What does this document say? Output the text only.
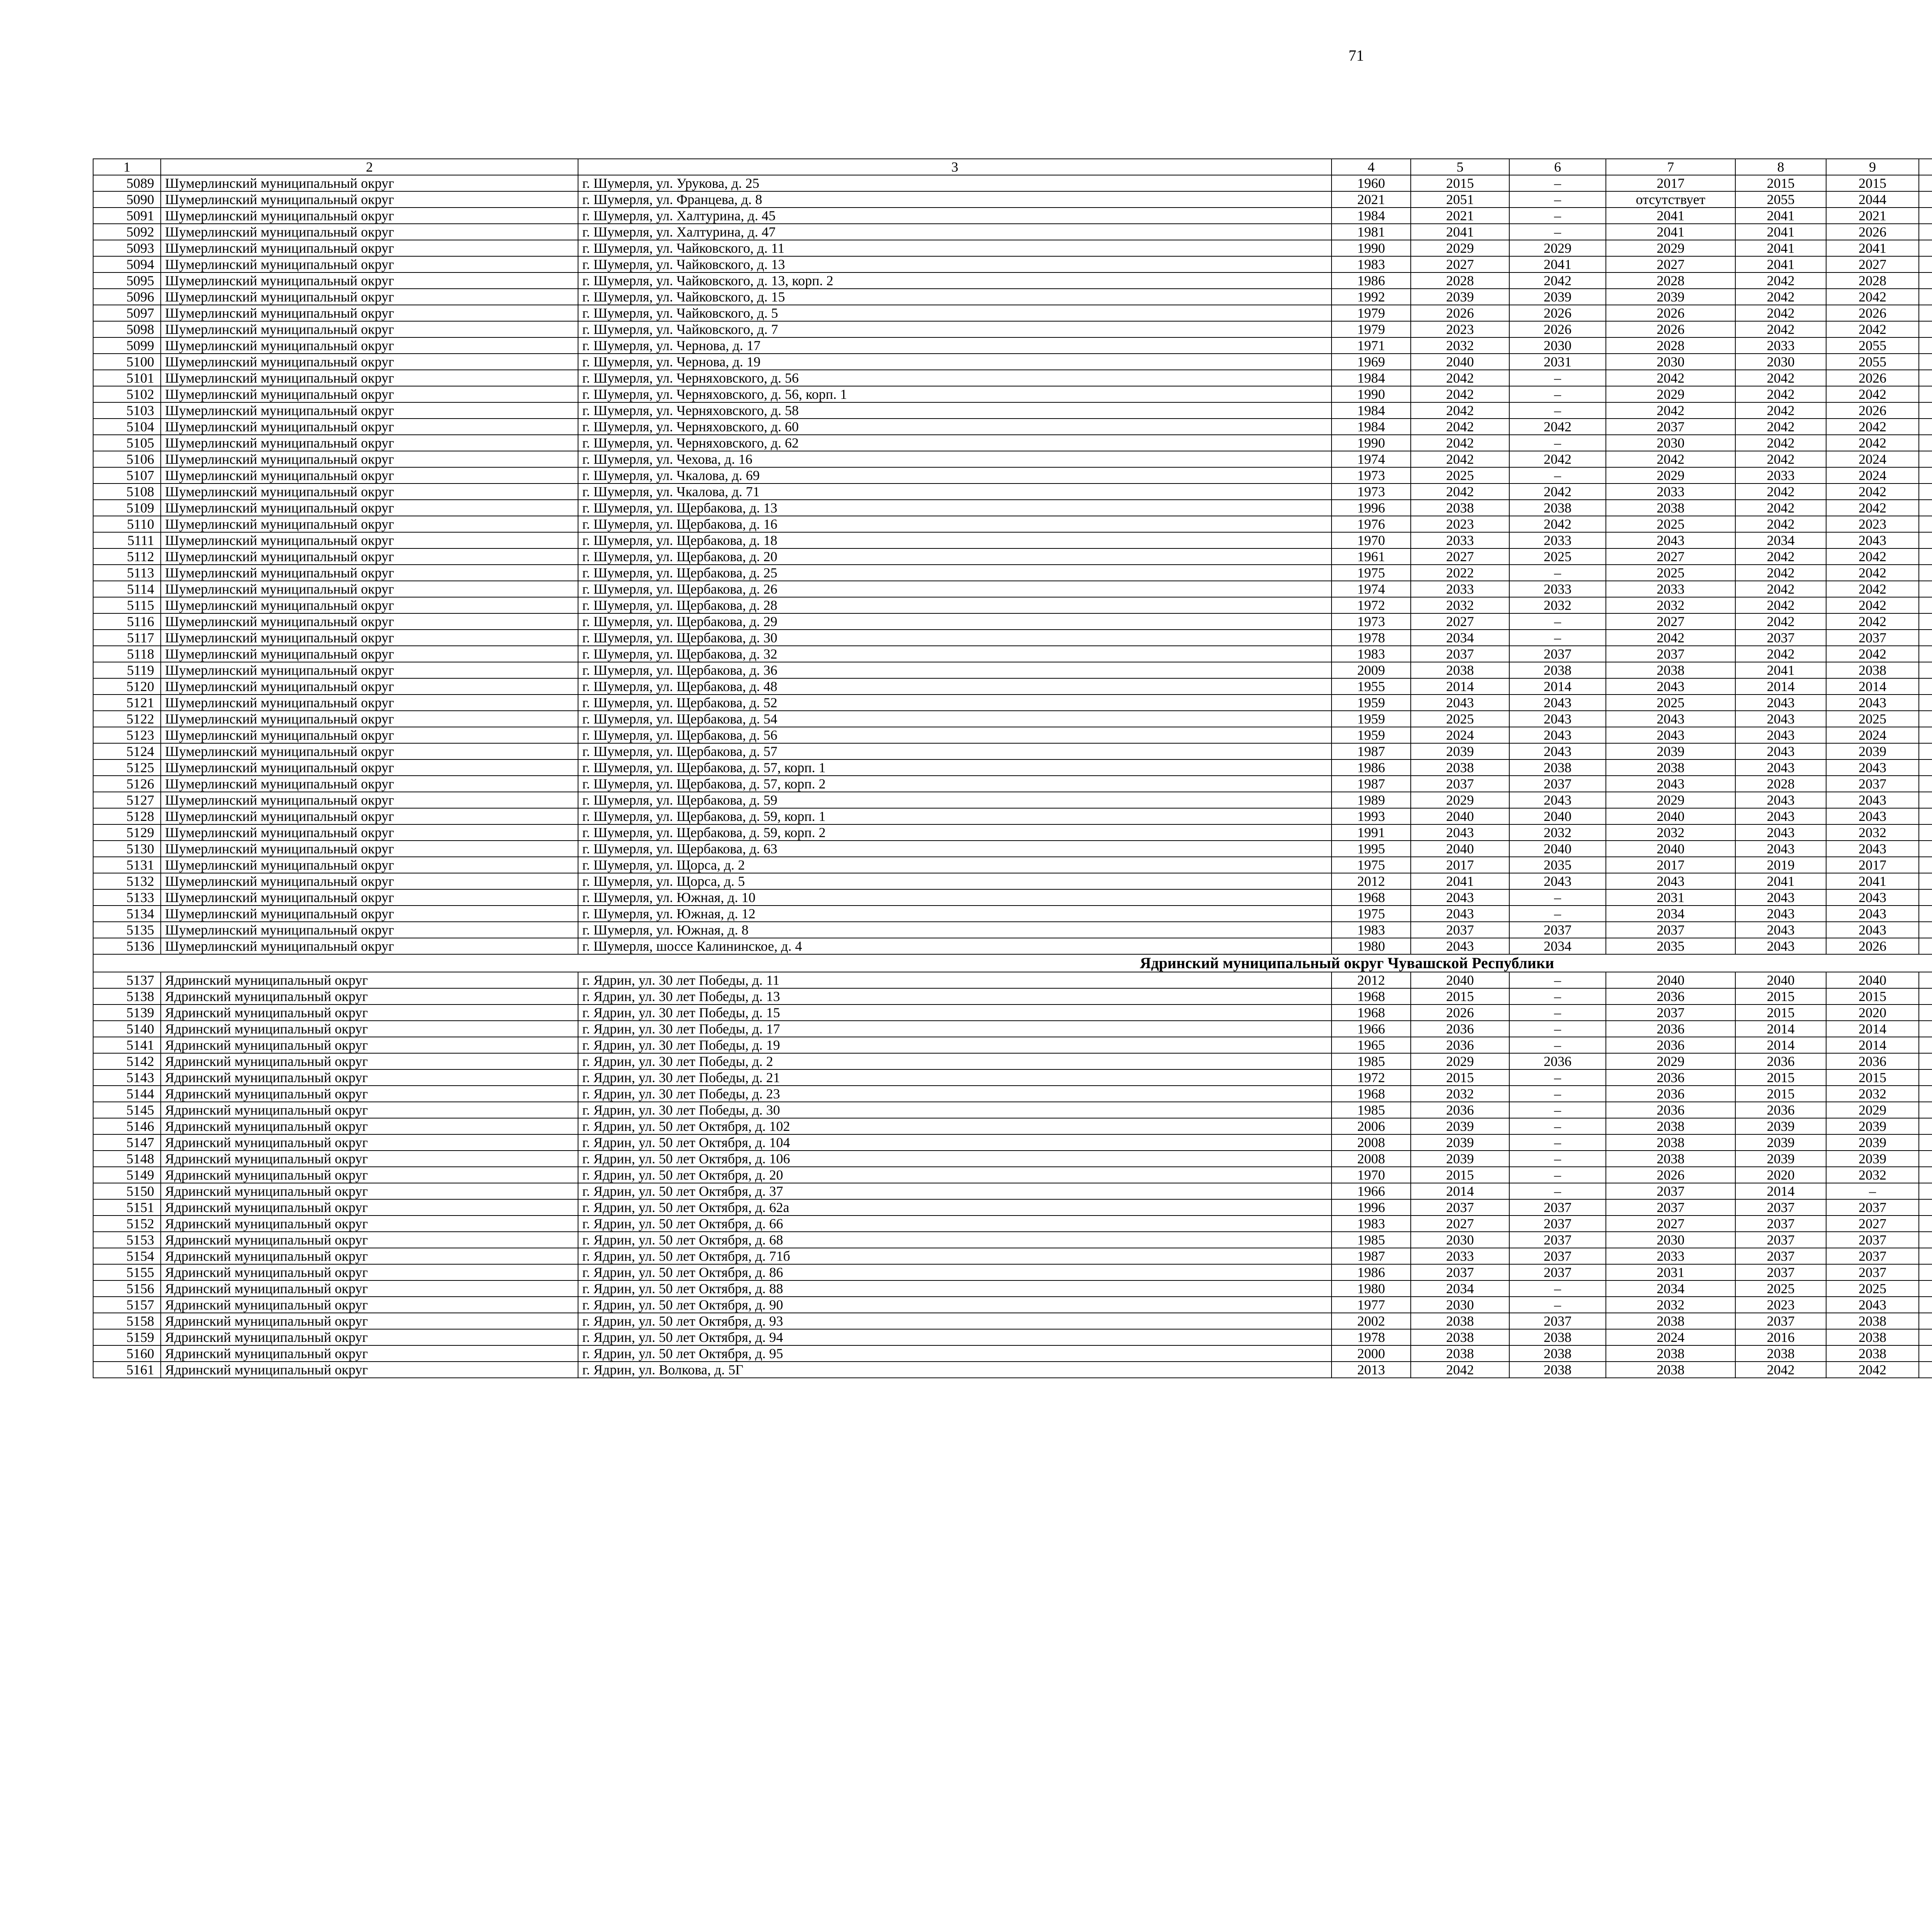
71
1	2	3	4	5	6	7	8	9								
5089	Шумерлинский муниципальный округ	г. Шумерля, ул. Урукова, д. 25	1960	2015	–	2017	2015	2015								
5090	Шумерлинский муниципальный округ	г. Шумерля, ул. Францева, д. 8	2021	2051	–	отсутствует	2055	2044								
5091	Шумерлинский муниципальный округ	г. Шумерля, ул. Халтурина, д. 45	1984	2021	–	2041	2041	2021								
5092	Шумерлинский муниципальный округ	г. Шумерля, ул. Халтурина, д. 47	1981	2041	–	2041	2041	2026								
5093	Шумерлинский муниципальный округ	г. Шумерля, ул. Чайковского, д. 11	1990	2029	2029	2029	2041	2041								
5094	Шумерлинский муниципальный округ	г. Шумерля, ул. Чайковского, д. 13	1983	2027	2041	2027	2041	2027								
5095	Шумерлинский муниципальный округ	г. Шумерля, ул. Чайковского, д. 13, корп. 2	1986	2028	2042	2028	2042	2028								
5096	Шумерлинский муниципальный округ	г. Шумерля, ул. Чайковского, д. 15	1992	2039	2039	2039	2042	2042								
5097	Шумерлинский муниципальный округ	г. Шумерля, ул. Чайковского, д. 5	1979	2026	2026	2026	2042	2026								
5098	Шумерлинский муниципальный округ	г. Шумерля, ул. Чайковского, д. 7	1979	2023	2026	2026	2042	2042								
5099	Шумерлинский муниципальный округ	г. Шумерля, ул. Чернова, д. 17	1971	2032	2030	2028	2033	2055								
5100	Шумерлинский муниципальный округ	г. Шумерля, ул. Чернова, д. 19	1969	2040	2031	2030	2030	2055								
5101	Шумерлинский муниципальный округ	г. Шумерля, ул. Черняховского, д. 56	1984	2042	–	2042	2042	2026								
5102	Шумерлинский муниципальный округ	г. Шумерля, ул. Черняховского, д. 56, корп. 1	1990	2042	–	2029	2042	2042								
5103	Шумерлинский муниципальный округ	г. Шумерля, ул. Черняховского, д. 58	1984	2042	–	2042	2042	2026								
5104	Шумерлинский муниципальный округ	г. Шумерля, ул. Черняховского, д. 60	1984	2042	2042	2037	2042	2042								
5105	Шумерлинский муниципальный округ	г. Шумерля, ул. Черняховского, д. 62	1990	2042	–	2030	2042	2042								
5106	Шумерлинский муниципальный округ	г. Шумерля, ул. Чехова, д. 16	1974	2042	2042	2042	2042	2024								
5107	Шумерлинский муниципальный округ	г. Шумерля, ул. Чкалова, д. 69	1973	2025	–	2029	2033	2024								
5108	Шумерлинский муниципальный округ	г. Шумерля, ул. Чкалова, д. 71	1973	2042	2042	2033	2042	2042								
5109	Шумерлинский муниципальный округ	г. Шумерля, ул. Щербакова, д. 13	1996	2038	2038	2038	2042	2042								
5110	Шумерлинский муниципальный округ	г. Шумерля, ул. Щербакова, д. 16	1976	2023	2042	2025	2042	2023								
5111	Шумерлинский муниципальный округ	г. Шумерля, ул. Щербакова, д. 18	1970	2033	2033	2043	2034	2043								
5112	Шумерлинский муниципальный округ	г. Шумерля, ул. Щербакова, д. 20	1961	2027	2025	2027	2042	2042								
5113	Шумерлинский муниципальный округ	г. Шумерля, ул. Щербакова, д. 25	1975	2022	–	2025	2042	2042								
5114	Шумерлинский муниципальный округ	г. Шумерля, ул. Щербакова, д. 26	1974	2033	2033	2033	2042	2042								
5115	Шумерлинский муниципальный округ	г. Шумерля, ул. Щербакова, д. 28	1972	2032	2032	2032	2042	2042								
5116	Шумерлинский муниципальный округ	г. Шумерля, ул. Щербакова, д. 29	1973	2027	–	2027	2042	2042								
5117	Шумерлинский муниципальный округ	г. Шумерля, ул. Щербакова, д. 30	1978	2034	–	2042	2037	2037								
5118	Шумерлинский муниципальный округ	г. Шумерля, ул. Щербакова, д. 32	1983	2037	2037	2037	2042	2042								
5119	Шумерлинский муниципальный округ	г. Шумерля, ул. Щербакова, д. 36	2009	2038	2038	2038	2041	2038								
5120	Шумерлинский муниципальный округ	г. Шумерля, ул. Щербакова, д. 48	1955	2014	2014	2043	2014	2014								
5121	Шумерлинский муниципальный округ	г. Шумерля, ул. Щербакова, д. 52	1959	2043	2043	2025	2043	2043								
5122	Шумерлинский муниципальный округ	г. Шумерля, ул. Щербакова, д. 54	1959	2025	2043	2043	2043	2025								
5123	Шумерлинский муниципальный округ	г. Шумерля, ул. Щербакова, д. 56	1959	2024	2043	2043	2043	2024								
5124	Шумерлинский муниципальный округ	г. Шумерля, ул. Щербакова, д. 57	1987	2039	2043	2039	2043	2039								
5125	Шумерлинский муниципальный округ	г. Шумерля, ул. Щербакова, д. 57, корп. 1	1986	2038	2038	2038	2043	2043								
5126	Шумерлинский муниципальный округ	г. Шумерля, ул. Щербакова, д. 57, корп. 2	1987	2037	2037	2043	2028	2037								
5127	Шумерлинский муниципальный округ	г. Шумерля, ул. Щербакова, д. 59	1989	2029	2043	2029	2043	2043								
5128	Шумерлинский муниципальный округ	г. Шумерля, ул. Щербакова, д. 59, корп. 1	1993	2040	2040	2040	2043	2043								
5129	Шумерлинский муниципальный округ	г. Шумерля, ул. Щербакова, д. 59, корп. 2	1991	2043	2032	2032	2043	2032								
5130	Шумерлинский муниципальный округ	г. Шумерля, ул. Щербакова, д. 63	1995	2040	2040	2040	2043	2043								
5131	Шумерлинский муниципальный округ	г. Шумерля, ул. Щорса, д. 2	1975	2017	2035	2017	2019	2017								
5132	Шумерлинский муниципальный округ	г. Шумерля, ул. Щорса, д. 5	2012	2041	2043	2043	2041	2041								
5133	Шумерлинский муниципальный округ	г. Шумерля, ул. Южная, д. 10	1968	2043	–	2031	2043	2043								
5134	Шумерлинский муниципальный округ	г. Шумерля, ул. Южная, д. 12	1975	2043	–	2034	2043	2043								
5135	Шумерлинский муниципальный округ	г. Шумерля, ул. Южная, д. 8	1983	2037	2037	2037	2043	2043								
5136	Шумерлинский муниципальный округ	г. Шумерля, шоссе Калининское, д. 4	1980	2043	2034	2035	2043	2026								
Ядринский муниципальный округ Чувашской Республики																
5137	Ядринский муниципальный округ	г. Ядрин, ул. 30 лет Победы, д. 11	2012	2040	–	2040	2040	2040								
5138	Ядринский муниципальный округ	г. Ядрин, ул. 30 лет Победы, д. 13	1968	2015	–	2036	2015	2015								
5139	Ядринский муниципальный округ	г. Ядрин, ул. 30 лет Победы, д. 15	1968	2026	–	2037	2015	2020								
5140	Ядринский муниципальный округ	г. Ядрин, ул. 30 лет Победы, д. 17	1966	2036	–	2036	2014	2014								
5141	Ядринский муниципальный округ	г. Ядрин, ул. 30 лет Победы, д. 19	1965	2036	–	2036	2014	2014								
5142	Ядринский муниципальный округ	г. Ядрин, ул. 30 лет Победы, д. 2	1985	2029	2036	2029	2036	2036								
5143	Ядринский муниципальный округ	г. Ядрин, ул. 30 лет Победы, д. 21	1972	2015	–	2036	2015	2015								
5144	Ядринский муниципальный округ	г. Ядрин, ул. 30 лет Победы, д. 23	1968	2032	–	2036	2015	2032								
5145	Ядринский муниципальный округ	г. Ядрин, ул. 30 лет Победы, д. 30	1985	2036	–	2036	2036	2029								
5146	Ядринский муниципальный округ	г. Ядрин, ул. 50 лет Октября, д. 102	2006	2039	–	2038	2039	2039								
5147	Ядринский муниципальный округ	г. Ядрин, ул. 50 лет Октября, д. 104	2008	2039	–	2038	2039	2039								
5148	Ядринский муниципальный округ	г. Ядрин, ул. 50 лет Октября, д. 106	2008	2039	–	2038	2039	2039								
5149	Ядринский муниципальный округ	г. Ядрин, ул. 50 лет Октября, д. 20	1970	2015	–	2026	2020	2032								
5150	Ядринский муниципальный округ	г. Ядрин, ул. 50 лет Октября, д. 37	1966	2014	–	2037	2014	–								
5151	Ядринский муниципальный округ	г. Ядрин, ул. 50 лет Октября, д. 62а	1996	2037	2037	2037	2037	2037								
5152	Ядринский муниципальный округ	г. Ядрин, ул. 50 лет Октября, д. 66	1983	2027	2037	2027	2037	2027								
5153	Ядринский муниципальный округ	г. Ядрин, ул. 50 лет Октября, д. 68	1985	2030	2037	2030	2037	2037								
5154	Ядринский муниципальный округ	г. Ядрин, ул. 50 лет Октября, д. 71б	1987	2033	2037	2033	2037	2037								
5155	Ядринский муниципальный округ	г. Ядрин, ул. 50 лет Октября, д. 86	1986	2037	2037	2031	2037	2037								
5156	Ядринский муниципальный округ	г. Ядрин, ул. 50 лет Октября, д. 88	1980	2034	–	2034	2025	2025								
5157	Ядринский муниципальный округ	г. Ядрин, ул. 50 лет Октября, д. 90	1977	2030	–	2032	2023	2043								
5158	Ядринский муниципальный округ	г. Ядрин, ул. 50 лет Октября, д. 93	2002	2038	2037	2038	2037	2038								
5159	Ядринский муниципальный округ	г. Ядрин, ул. 50 лет Октября, д. 94	1978	2038	2038	2024	2016	2038								
5160	Ядринский муниципальный округ	г. Ядрин, ул. 50 лет Октября, д. 95	2000	2038	2038	2038	2038	2038								
5161	Ядринский муниципальный округ	г. Ядрин, ул. Волкова, д. 5Г	2013	2042	2038	2038	2042	2042								
